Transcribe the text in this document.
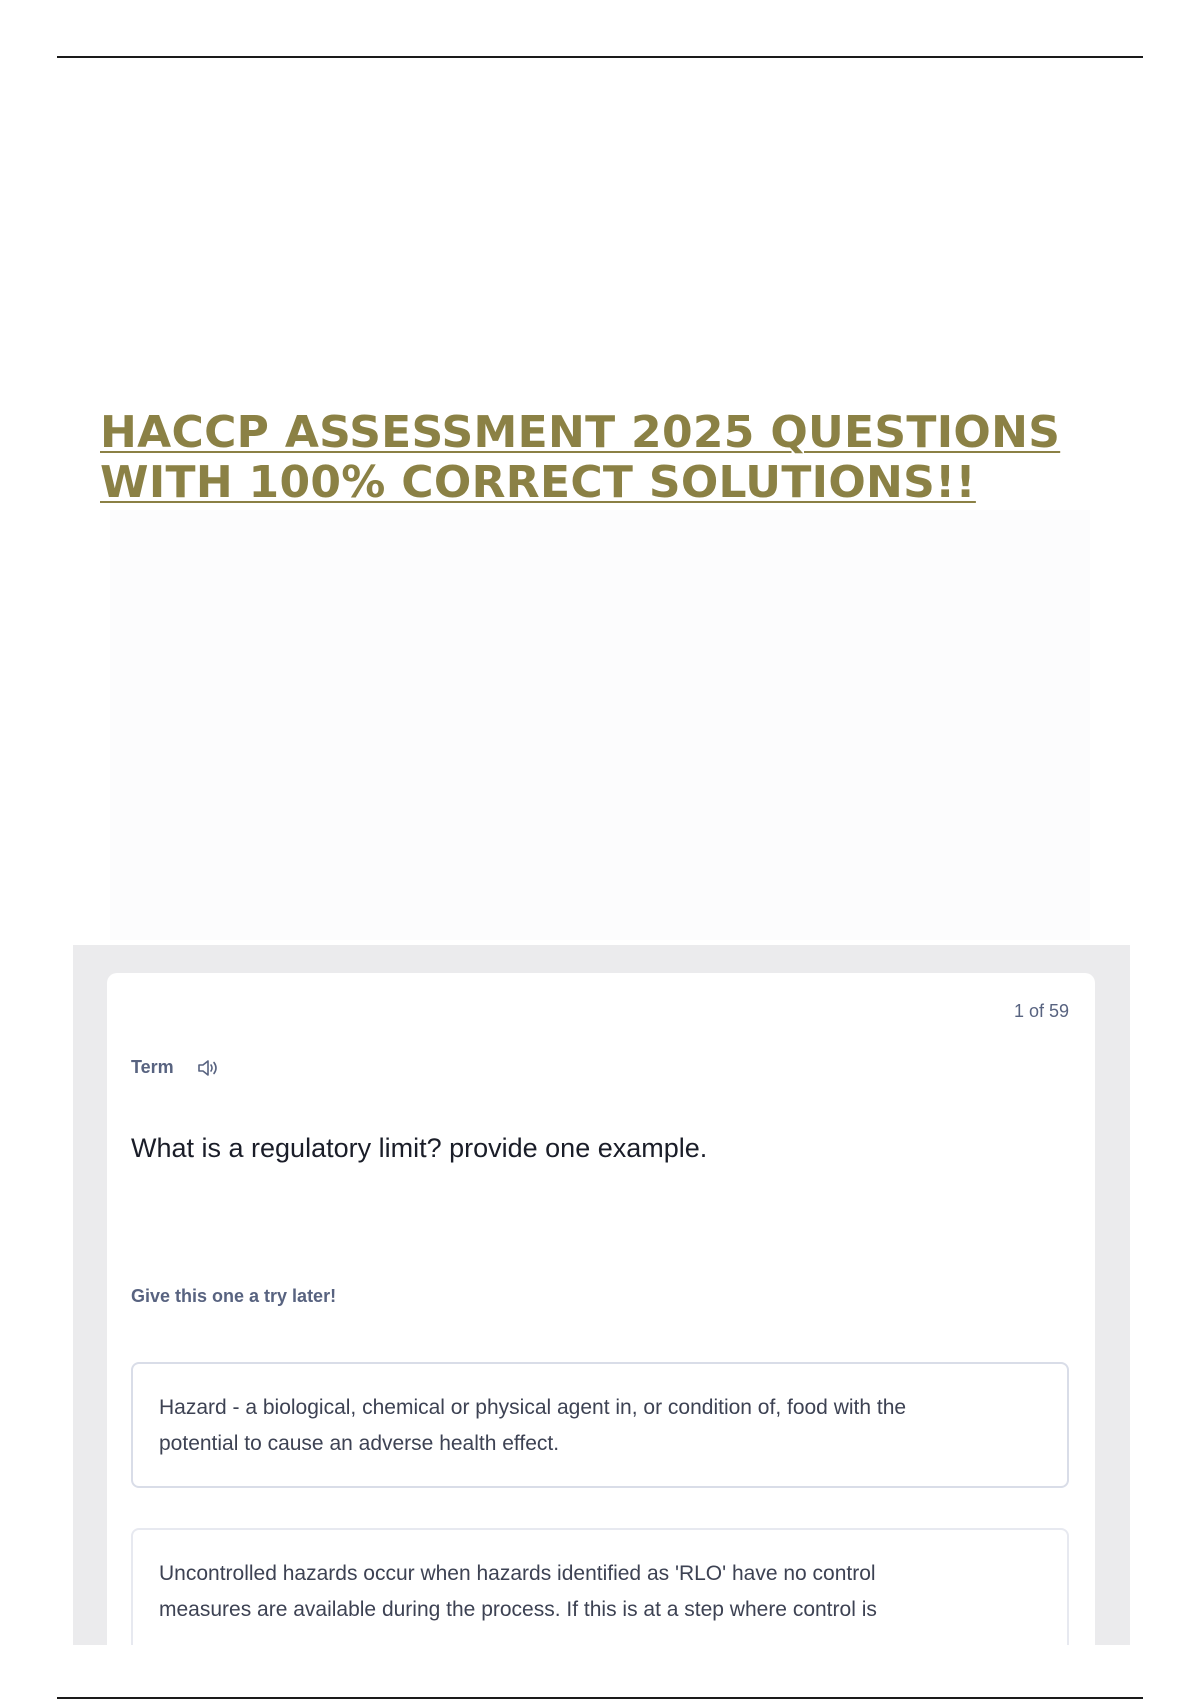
HACCP ASSESSMENT 2025 QUESTIONS
WITH 100% CORRECT SOLUTIONS!!
1 of 59
Term
What is a regulatory limit? provide one example.
Give this one a try later!

Hazard - a biological, chemical or physical agent in, or condition of, food with the potential to cause an adverse health effect.

Uncontrolled hazards occur when hazards identified as 'RLO' have no control measures are available during the process. If this is at a step where control is
